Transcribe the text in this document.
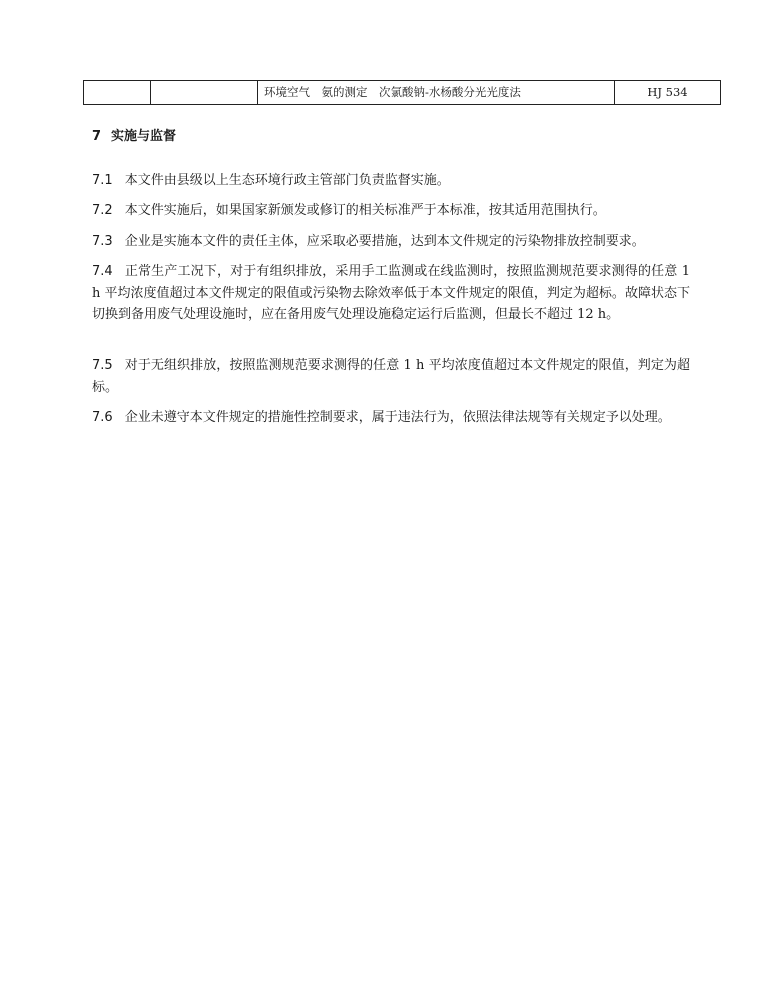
		环境空气　氨的测定　次氯酸钠-水杨酸分光光度法	HJ 534
7 实施与监督
7.1 本文件由县级以上生态环境行政主管部门负责监督实施。
7.2 本文件实施后，如果国家新颁发或修订的相关标准严于本标准，按其适用范围执行。
7.3 企业是实施本文件的责任主体，应采取必要措施，达到本文件规定的污染物排放控制要求。
7.4 正常生产工况下，对于有组织排放，采用手工监测或在线监测时，按照监测规范要求测得的任意 1 h 平均浓度值超过本文件规定的限值或污染物去除效率低于本文件规定的限值，判定为超标。故障状态下切换到备用废气处理设施时，应在备用废气处理设施稳定运行后监测，但最长不超过 12 h。
7.5 对于无组织排放，按照监测规范要求测得的任意 1 h 平均浓度值超过本文件规定的限值，判定为超标。
7.6 企业未遵守本文件规定的措施性控制要求，属于违法行为，依照法律法规等有关规定予以处理。
